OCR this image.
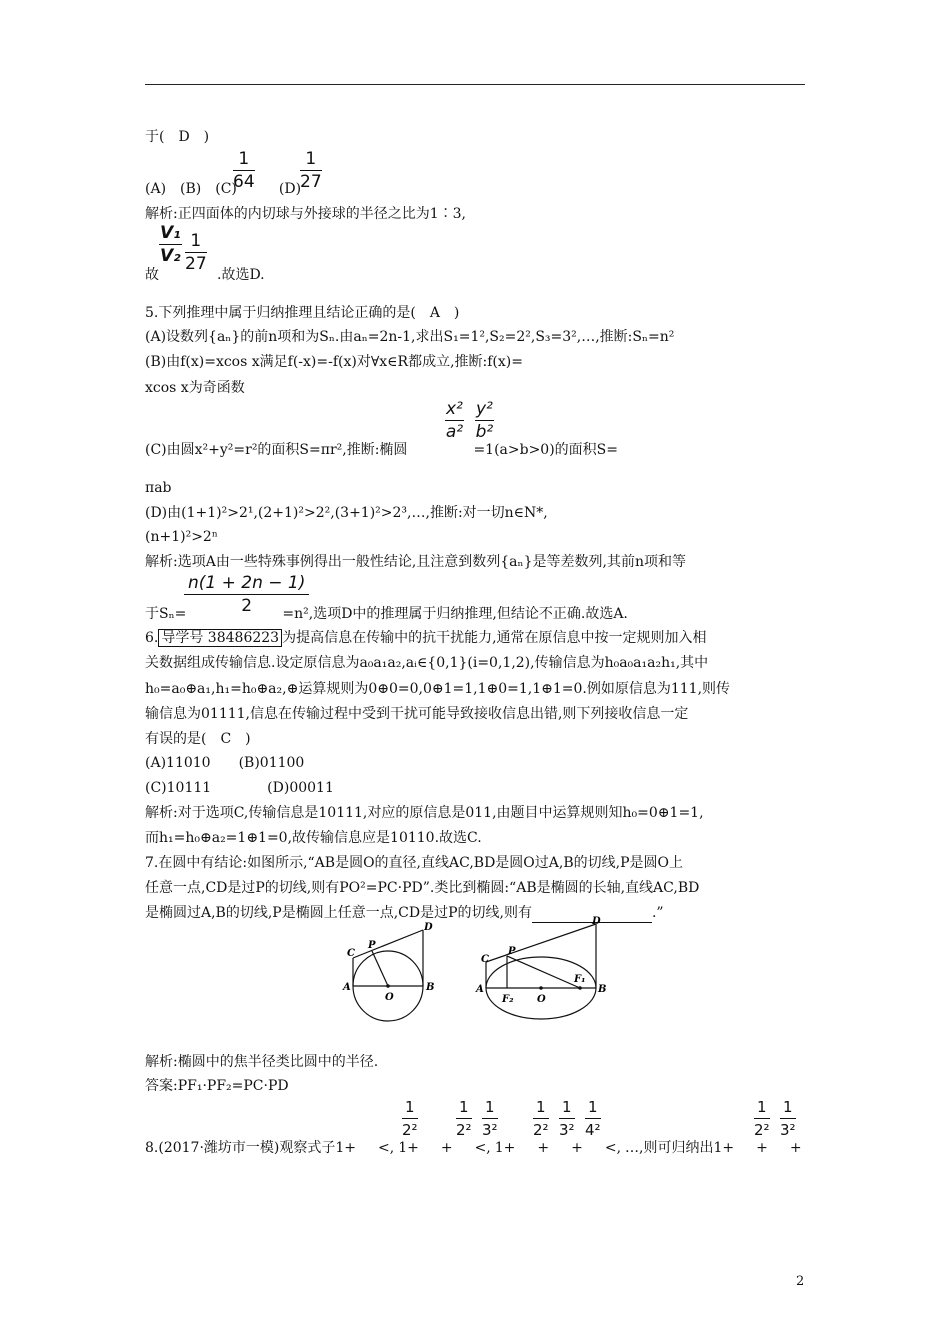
于(　D　)
(A)　(B)　(C)	(D)
$\frac{1}{64}$	$\frac{1}{27}$
解析:正四面体的内切球与外接球的半径之比为1∶3,
故	.故选D.
$\frac{\text{V₁}}{\text{V₂}} \frac{1}{27}$
5.下列推理中属于归纳推理且结论正确的是(　A　)
(A)设数列{aₙ}的前n项和为Sₙ.由aₙ=2n-1,求出S₁=1²,S₂=2²,S₃=3²,…,推断:Sₙ=n²
(B)由f(x)=xcos x满足f(-x)=-f(x)对∀x∈R都成立,推断:f(x)=
xcos x为奇函数
$\frac{\text{x²}}{\text{a²}} \frac{\text{y²}}{\text{b²}}$
(C)由圆x²+y²=r²的面积S=πr²,推断:椭圆	=1(a>b>0)的面积S=
πab
(D)由(1+1)²>2¹,(2+1)²>2²,(3+1)²>2³,…,推断:对一切n∈N*,
(n+1)²>2ⁿ
解析:选项A由一些特殊事例得出一般性结论,且注意到数列{aₙ}是等差数列,其前n项和等
$\frac{n(1 + 2n - 1)}{2}$
于Sₙ=	=n²,选项D中的推理属于归纳推理,但结论不正确.故选A.
6. 导学号 38486223 为提高信息在传输中的抗干扰能力,通常在原信息中按一定规则加入相
关数据组成传输信息.设定原信息为a₀a₁a₂,aᵢ∈{0,1}(i=0,1,2),传输信息为h₀a₀a₁a₂h₁,其中
h₀=a₀⊕a₁,h₁=h₀⊕a₂,⊕运算规则为0⊕0=0,0⊕1=1,1⊕0=1,1⊕1=0.例如原信息为111,则传
输信息为01111,信息在传输过程中受到干扰可能导致接收信息出错,则下列接收信息一定
有误的是(　C　)
(A)11010　　(B)01100
(C)10111　　　　(D)00011
解析:对于选项C,传输信息是10111,对应的原信息是011,由题目中运算规则知h₀=0⊕1=1,
而h₁=h₀⊕a₂=1⊕1=0,故传输信息应是10110.故选C.
7.在圆中有结论:如图所示,“AB是圆O的直径,直线AC,BD是圆O过A,B的切线,P是圆O上
任意一点,CD是过P的切线,则有PO²=PC·PD”.类比到椭圆:“AB是椭圆的长轴,直线AC,BD
是椭圆过A,B的切线,P是椭圆上任意一点,CD是过P的切线,则有	.”
C
P
D
A
O
B
C
P
D
A
F₂ O
F₁
B
解析:椭圆中的焦半径类比圆中的半径.
答案:PF₁·PF₂=PC·PD
8.(2017·潍坊市一模)观察式子1+ <, 1+ + <, 1+ + + <, …,则可归纳出1+ + +
$\frac{1}{\text{2²}}$	$\frac{1}{\text{2²}} \frac{1}{\text{3²}} \frac{1}{\text{2²}} \frac{1}{\text{3²}} \frac{1}{\text{4²}}$	$\frac{1}{\text{2²}} \frac{1}{\text{3²}}$
2
